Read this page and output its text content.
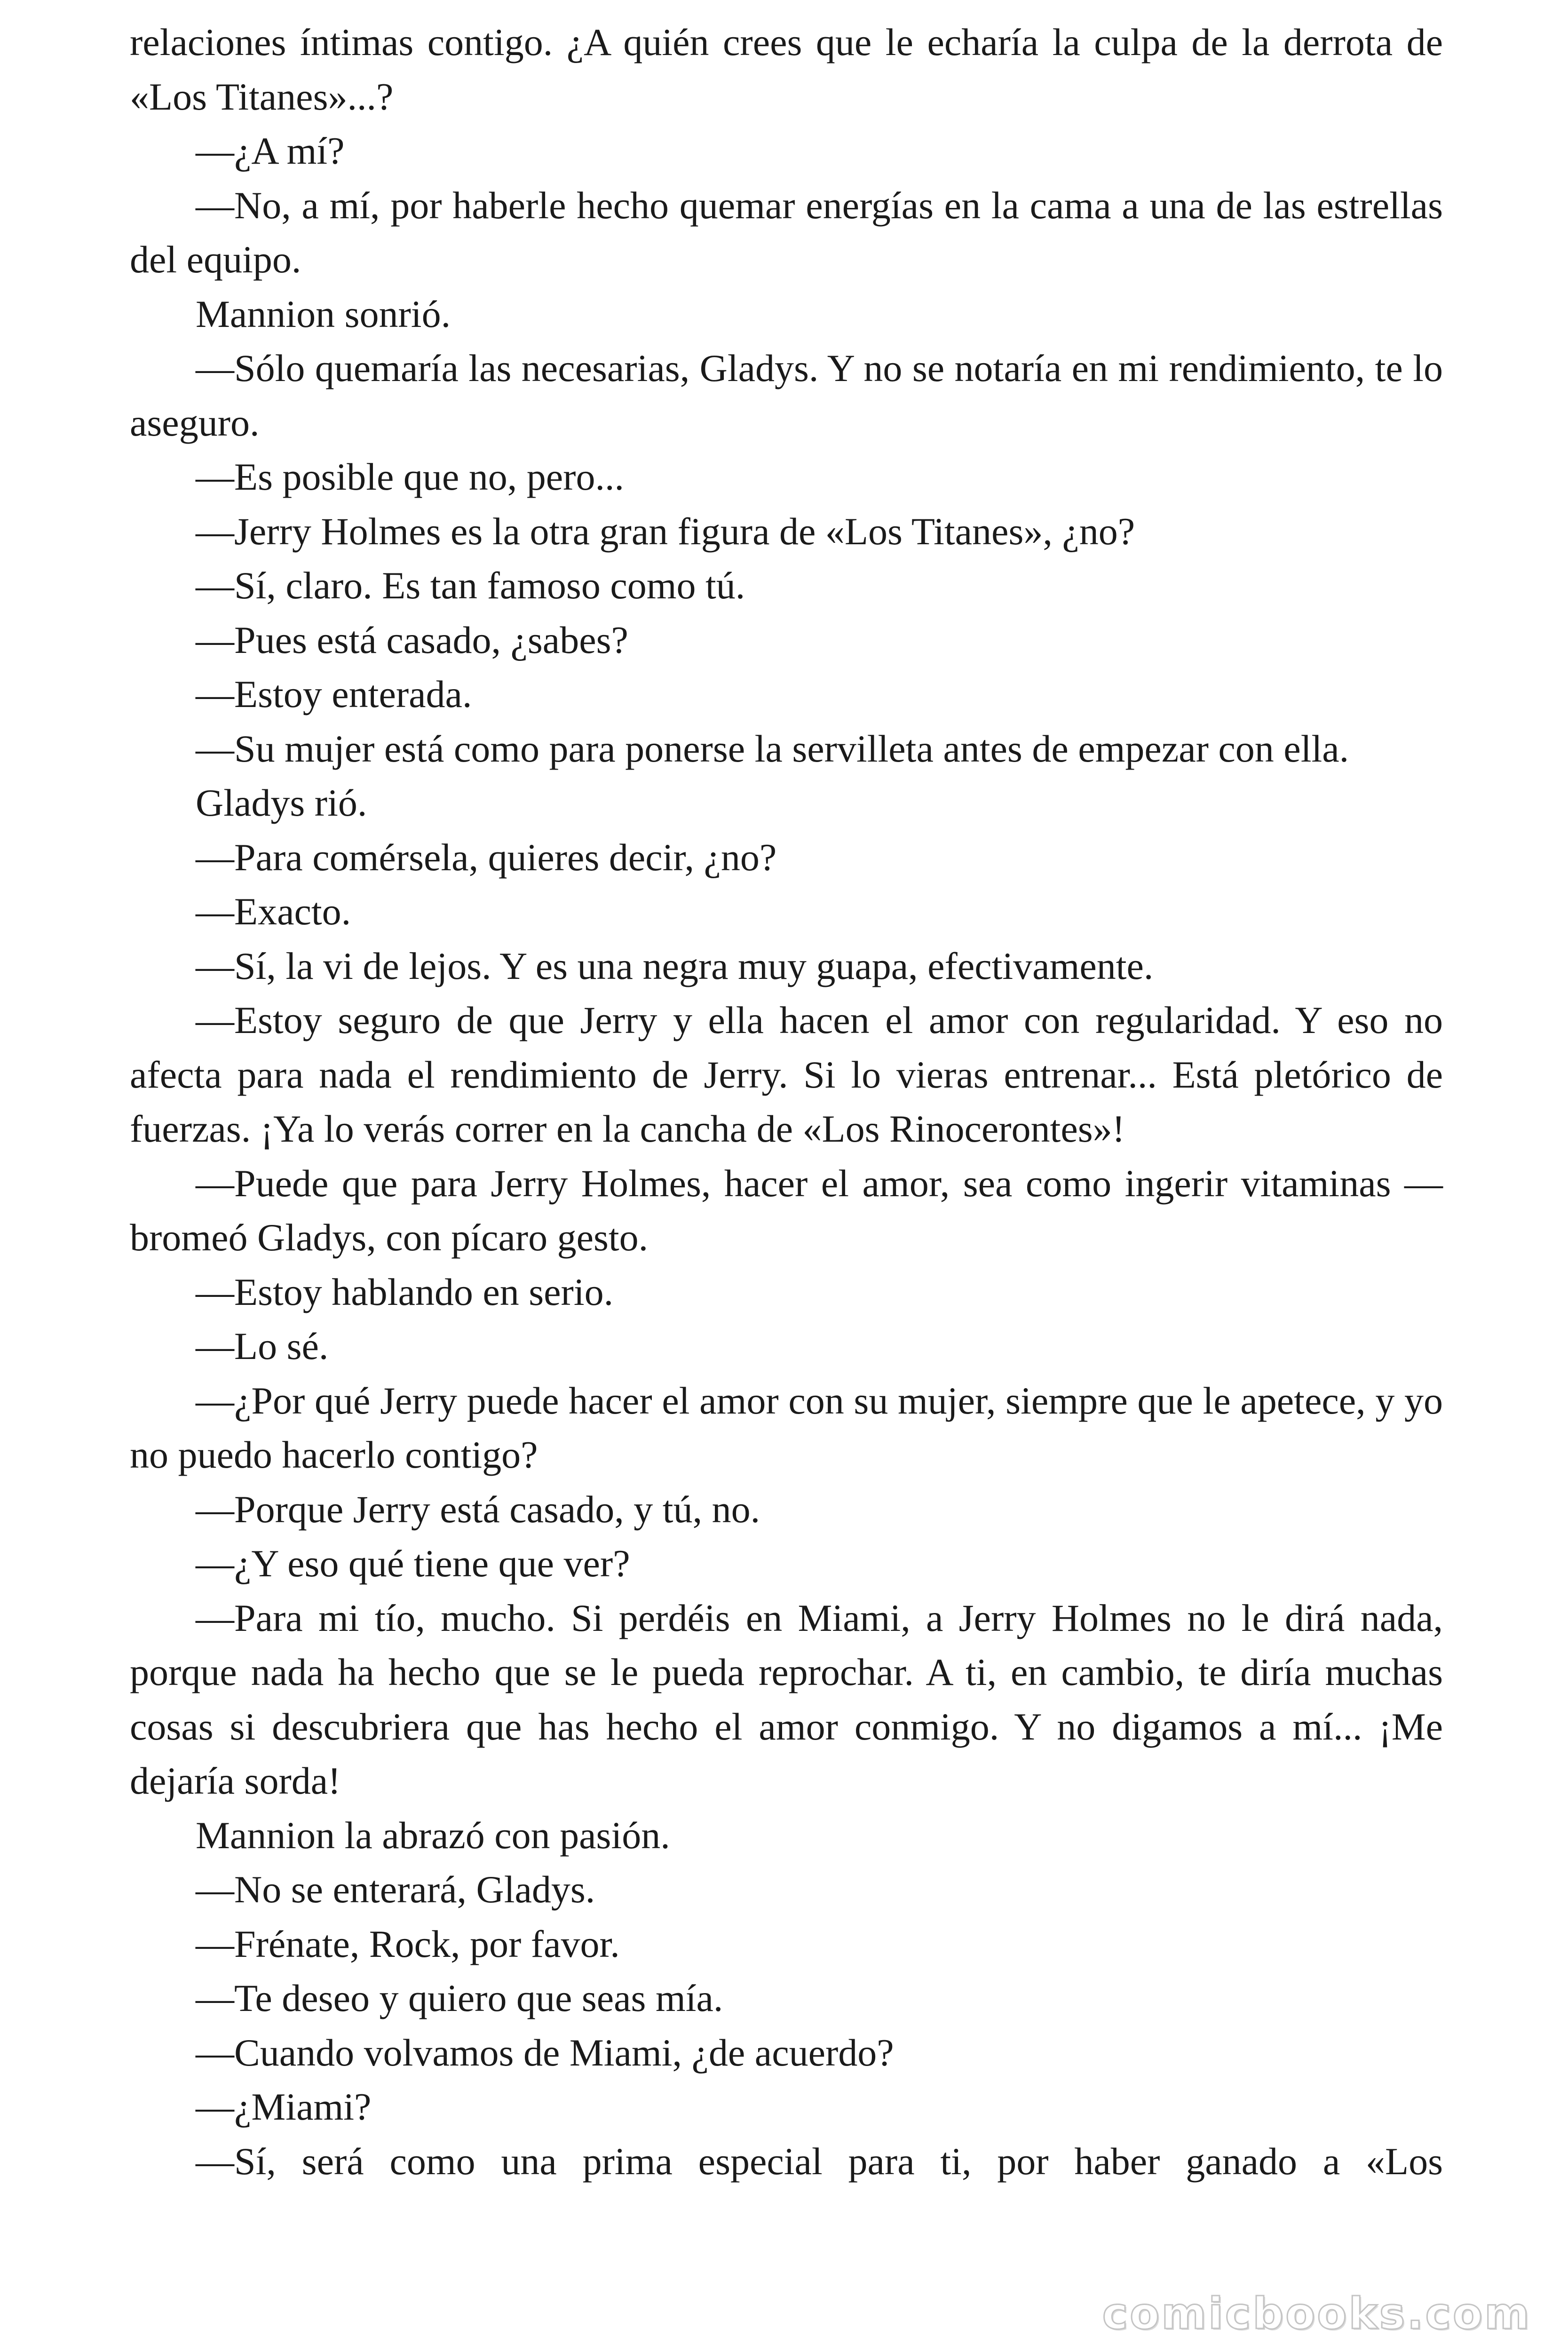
relaciones íntimas contigo. ¿A quién crees que le echaría la culpa de la derrota de «Los Titanes»...?

—¿A mí?

—No, a mí, por haberle hecho quemar energías en la cama a una de las estrellas del equipo.

Mannion sonrió.

—Sólo quemaría las necesarias, Gladys. Y no se notaría en mi rendimiento, te lo aseguro.

—Es posible que no, pero...

—Jerry Holmes es la otra gran figura de «Los Titanes», ¿no?

—Sí, claro. Es tan famoso como tú.

—Pues está casado, ¿sabes?

—Estoy enterada.

—Su mujer está como para ponerse la servilleta antes de empezar con ella.

Gladys rió.

—Para comérsela, quieres decir, ¿no?

—Exacto.

—Sí, la vi de lejos. Y es una negra muy guapa, efectivamente.

—Estoy seguro de que Jerry y ella hacen el amor con regularidad. Y eso no afecta para nada el rendimiento de Jerry. Si lo vieras entrenar... Está pletórico de fuerzas. ¡Ya lo verás correr en la cancha de «Los Rinocerontes»!

—Puede que para Jerry Holmes, hacer el amor, sea como ingerir vitaminas —bromeó Gladys, con pícaro gesto.

—Estoy hablando en serio.

—Lo sé.

—¿Por qué Jerry puede hacer el amor con su mujer, siempre que le apetece, y yo no puedo hacerlo contigo?

—Porque Jerry está casado, y tú, no.

—¿Y eso qué tiene que ver?

—Para mi tío, mucho. Si perdéis en Miami, a Jerry Holmes no le dirá nada, porque nada ha hecho que se le pueda reprochar. A ti, en cambio, te diría muchas cosas si descubriera que has hecho el amor conmigo. Y no digamos a mí... ¡Me dejaría sorda!

Mannion la abrazó con pasión.

—No se enterará, Gladys.

—Frénate, Rock, por favor.

—Te deseo y quiero que seas mía.

—Cuando volvamos de Miami, ¿de acuerdo?

—¿Miami?

—Sí, será como una prima especial para ti, por haber ganado a «Los

comicbooks.com
